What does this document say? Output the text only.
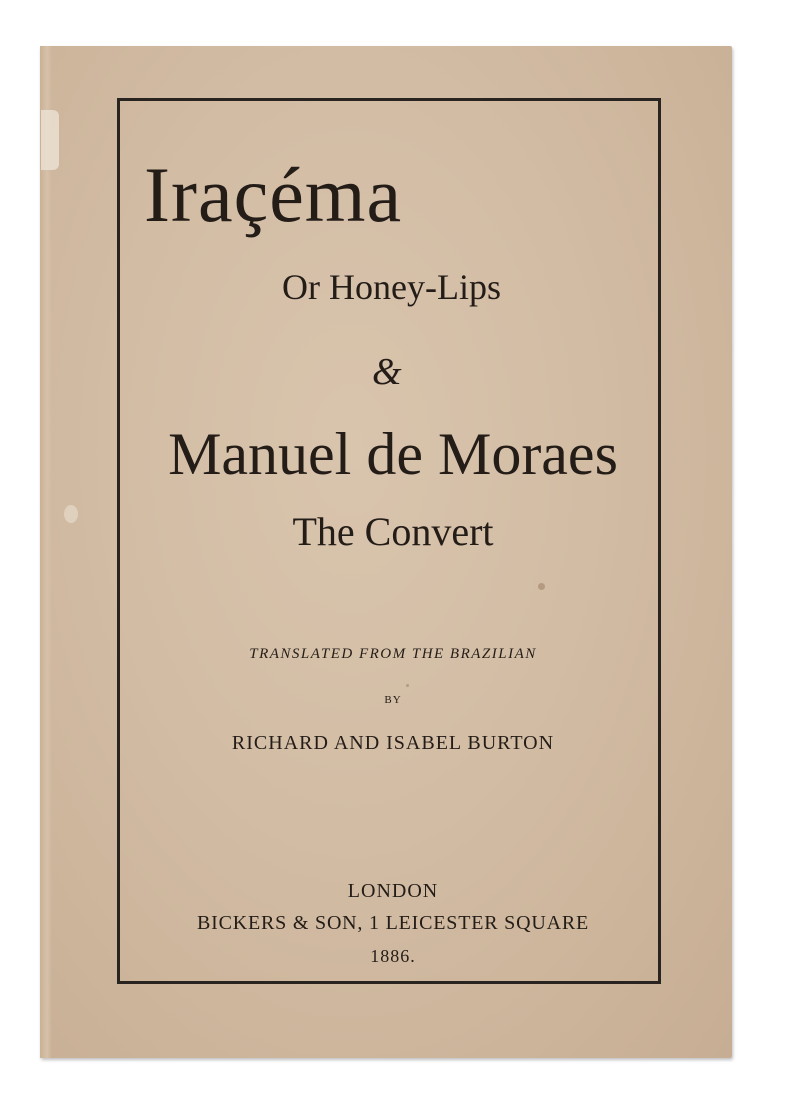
Iraçéma
Or Honey-Lips
&
Manuel de Moraes
The Convert
TRANSLATED FROM THE BRAZILIAN
BY
RICHARD AND ISABEL BURTON
LONDON
BICKERS & SON, 1 LEICESTER SQUARE
1886.
